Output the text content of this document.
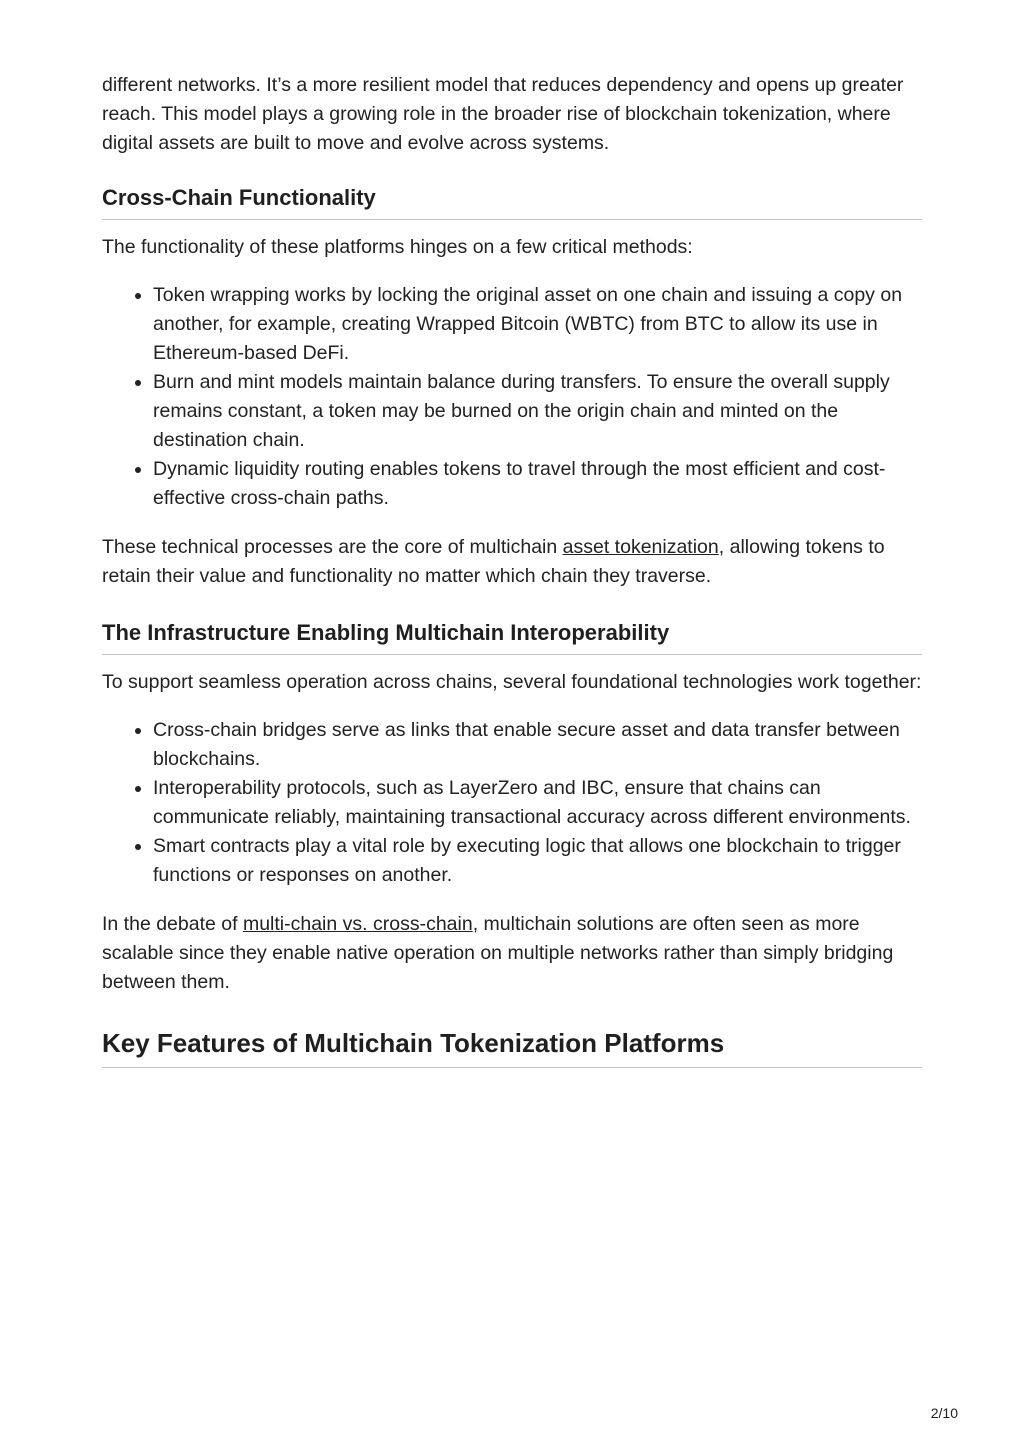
different networks. It’s a more resilient model that reduces dependency and opens up greater reach. This model plays a growing role in the broader rise of blockchain tokenization, where digital assets are built to move and evolve across systems.

Cross-Chain Functionality

The functionality of these platforms hinges on a few critical methods:

• Token wrapping works by locking the original asset on one chain and issuing a copy on another, for example, creating Wrapped Bitcoin (WBTC) from BTC to allow its use in Ethereum-based DeFi.
• Burn and mint models maintain balance during transfers. To ensure the overall supply remains constant, a token may be burned on the origin chain and minted on the destination chain.
• Dynamic liquidity routing enables tokens to travel through the most efficient and cost-effective cross-chain paths.

These technical processes are the core of multichain asset tokenization, allowing tokens to retain their value and functionality no matter which chain they traverse.

The Infrastructure Enabling Multichain Interoperability

To support seamless operation across chains, several foundational technologies work together:

• Cross-chain bridges serve as links that enable secure asset and data transfer between blockchains.
• Interoperability protocols, such as LayerZero and IBC, ensure that chains can communicate reliably, maintaining transactional accuracy across different environments.
• Smart contracts play a vital role by executing logic that allows one blockchain to trigger functions or responses on another.

In the debate of multi-chain vs. cross-chain, multichain solutions are often seen as more scalable since they enable native operation on multiple networks rather than simply bridging between them.

Key Features of Multichain Tokenization Platforms
2/10
